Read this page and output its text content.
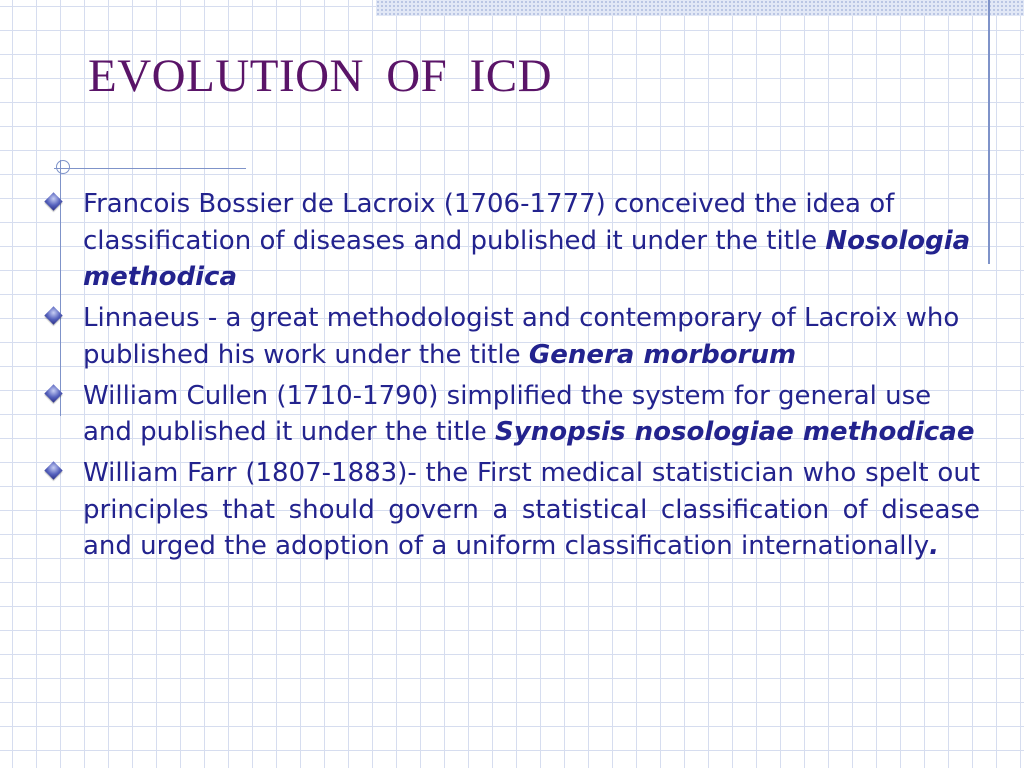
EVOLUTION OF ICD
Francois Bossier de Lacroix (1706-1777) conceived the idea of classification of diseases and published it under the title Nosologia methodica
Linnaeus - a great methodologist and contemporary of Lacroix who published his work under the title Genera morborum
William Cullen (1710-1790) simplified the system for general use and published it under the title Synopsis nosologiae methodicae
William Farr (1807-1883)- the First medical statistician who spelt out principles that should govern a statistical classification of disease and urged the adoption of a uniform classification internationally.
